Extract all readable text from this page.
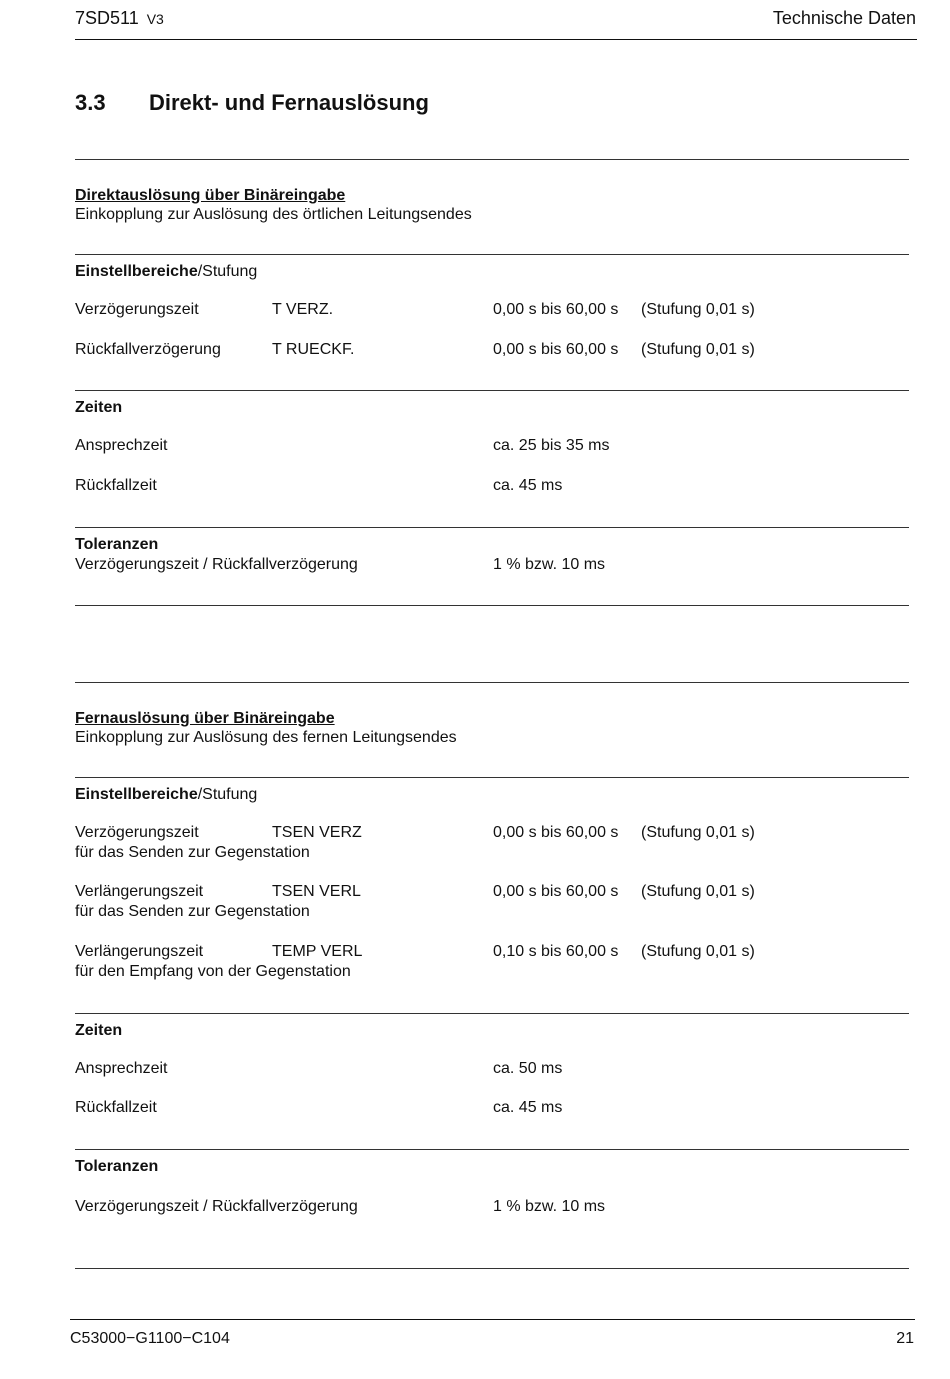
7SD511 V3	Technische Daten
3.3 Direkt- und Fernauslösung
Direktauslösung über Binäreingabe
Einkopplung zur Auslösung des örtlichen Leitungsendes
Einstellbereiche/Stufung
Verzögerungszeit	T VERZ.	0,00 s bis 60,00 s (Stufung 0,01 s)
Rückfallverzögerung	T RUECKF.	0,00 s bis 60,00 s (Stufung 0,01 s)
Zeiten
Ansprechzeit	ca. 25 bis 35 ms
Rückfallzeit	ca. 45 ms
Toleranzen
Verzögerungszeit / Rückfallverzögerung	1 % bzw. 10 ms
Fernauslösung über Binäreingabe
Einkopplung zur Auslösung des fernen Leitungsendes
Einstellbereiche/Stufung
Verzögerungszeit	TSEN VERZ	0,00 s bis 60,00 s (Stufung 0,01 s)
für das Senden zur Gegenstation
Verlängerungszeit	TSEN VERL	0,00 s bis 60,00 s (Stufung 0,01 s)
für das Senden zur Gegenstation
Verlängerungszeit	TEMP VERL	0,10 s bis 60,00 s (Stufung 0,01 s)
für den Empfang von der Gegenstation
Zeiten
Ansprechzeit	ca. 50 ms
Rückfallzeit	ca. 45 ms
Toleranzen
Verzögerungszeit / Rückfallverzögerung	1 % bzw. 10 ms
C53000−G1100−C104	21
